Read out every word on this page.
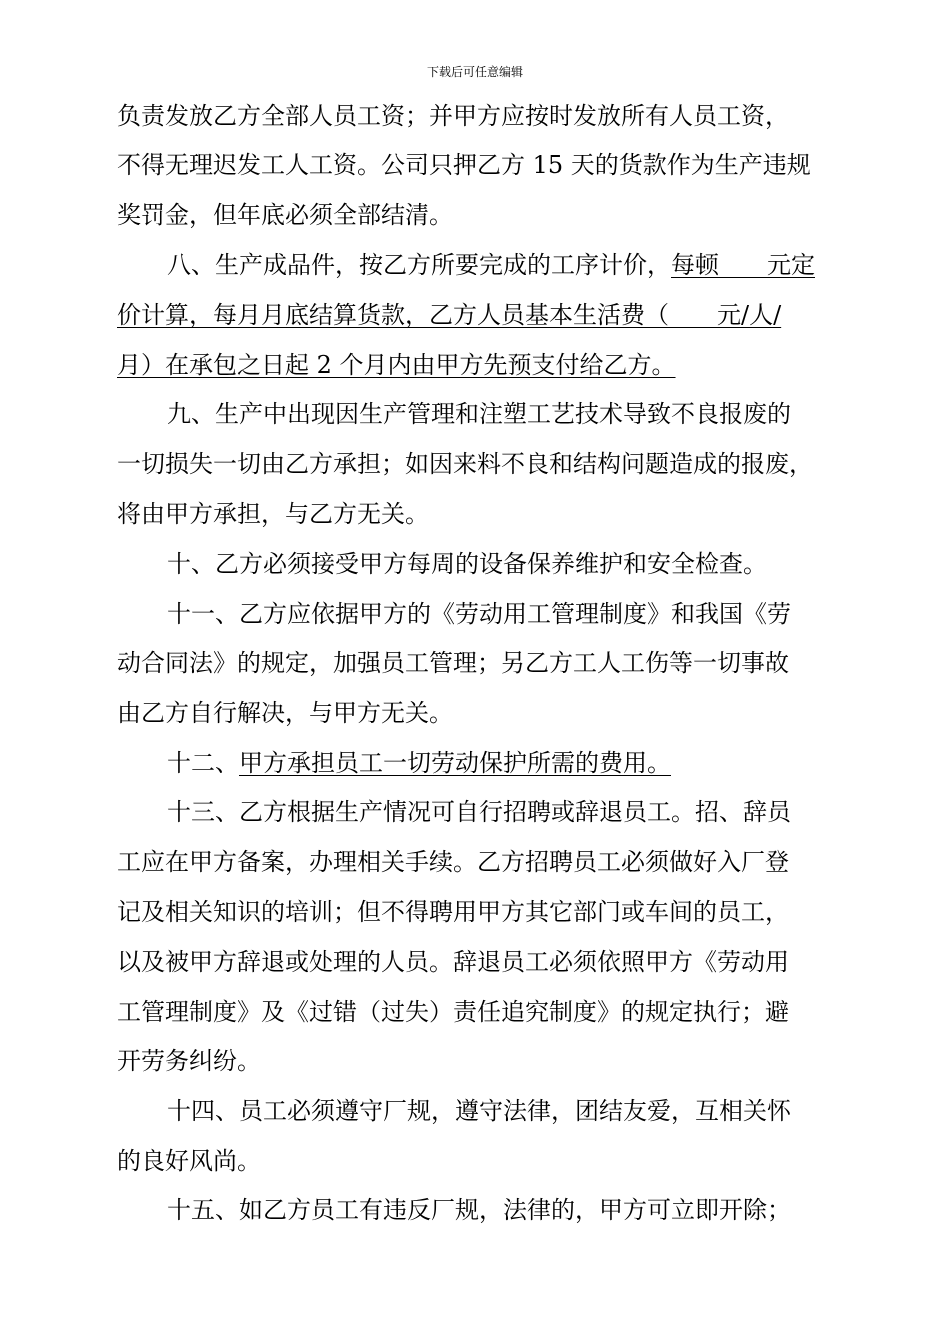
下载后可任意编辑
负责发放乙方全部人员工资；并甲方应按时发放所有人员工资，
不得无理迟发工人工资。公司只押乙方 15 天的货款作为生产违规
奖罚金，但年底必须全部结清。
八、生产成品件，按乙方所要完成的工序计价，每顿　　元定
价计算，每月月底结算货款，乙方人员基本生活费（　　元/人/
月）在承包之日起 2 个月内由甲方先预支付给乙方。
九、生产中出现因生产管理和注塑工艺技术导致不良报废的
一切损失一切由乙方承担；如因来料不良和结构问题造成的报废，
将由甲方承担，与乙方无关。
十、乙方必须接受甲方每周的设备保养维护和安全检查。
十一、乙方应依据甲方的《劳动用工管理制度》和我国《劳
动合同法》的规定，加强员工管理；另乙方工人工伤等一切事故
由乙方自行解决，与甲方无关。
十二、甲方承担员工一切劳动保护所需的费用。
十三、乙方根据生产情况可自行招聘或辞退员工。招、辞员
工应在甲方备案，办理相关手续。乙方招聘员工必须做好入厂登
记及相关知识的培训；但不得聘用甲方其它部门或车间的员工，
以及被甲方辞退或处理的人员。辞退员工必须依照甲方《劳动用
工管理制度》及《过错（过失）责任追究制度》的规定执行；避
开劳务纠纷。
十四、员工必须遵守厂规，遵守法律，团结友爱，互相关怀
的良好风尚。
十五、如乙方员工有违反厂规，法律的，甲方可立即开除；
